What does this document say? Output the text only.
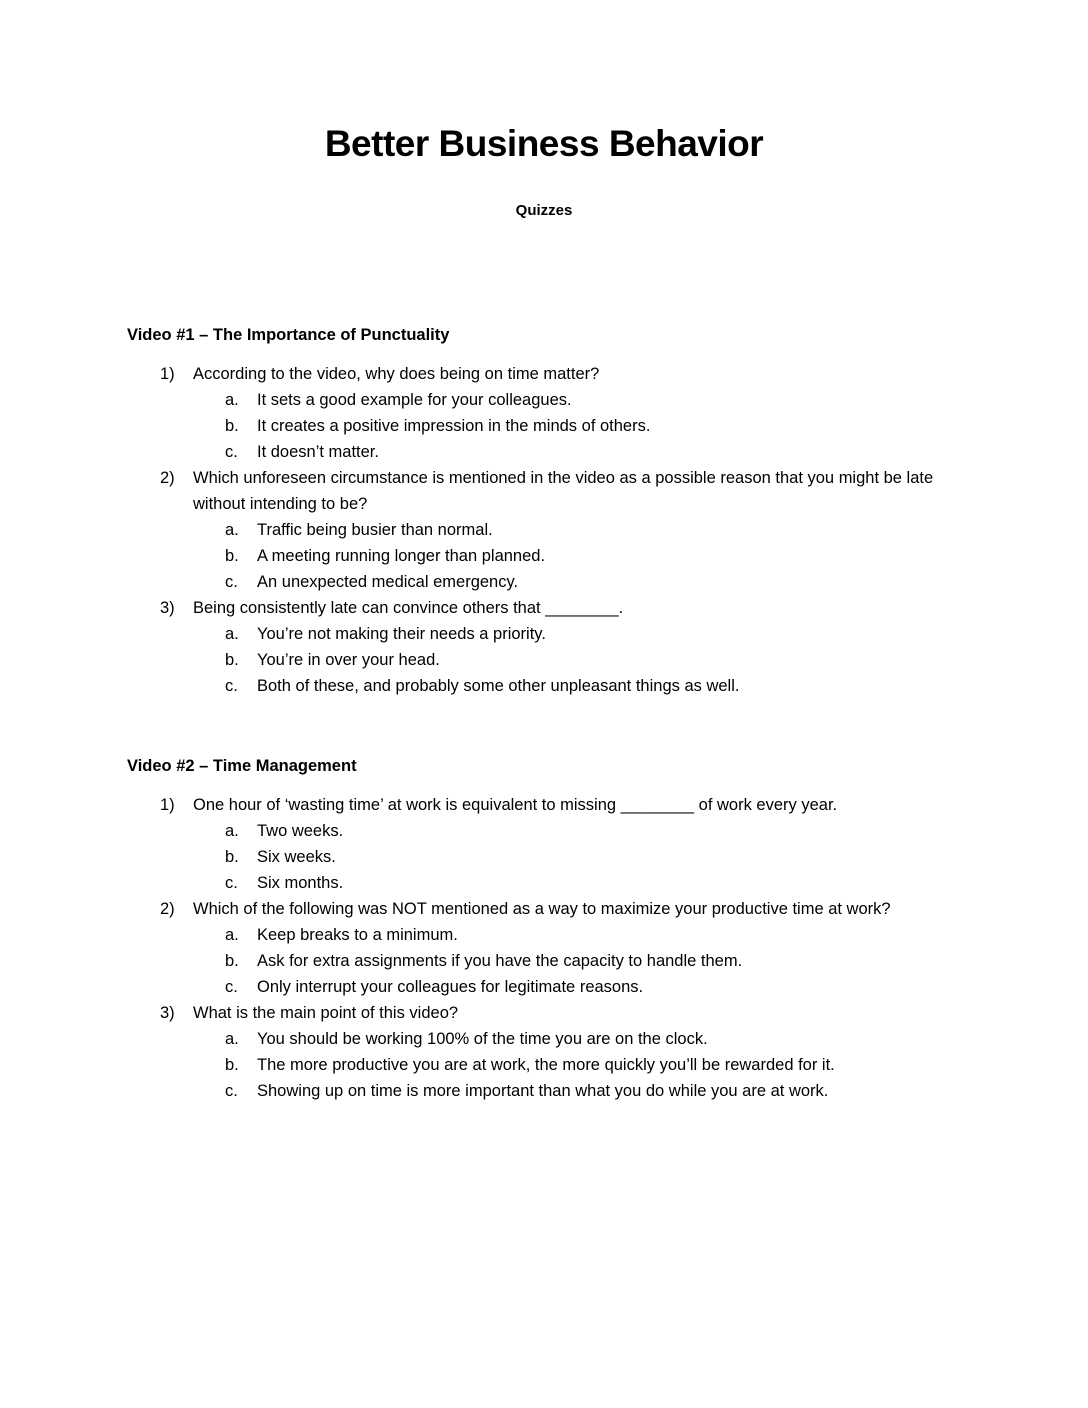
Better Business Behavior
Quizzes
Video #1 – The Importance of Punctuality
1) According to the video, why does being on time matter?
a. It sets a good example for your colleagues.
b. It creates a positive impression in the minds of others.
c. It doesn’t matter.
2) Which unforeseen circumstance is mentioned in the video as a possible reason that you might be late without intending to be?
a. Traffic being busier than normal.
b. A meeting running longer than planned.
c. An unexpected medical emergency.
3) Being consistently late can convince others that ________.
a. You’re not making their needs a priority.
b. You’re in over your head.
c. Both of these, and probably some other unpleasant things as well.
Video #2 – Time Management
1) One hour of ‘wasting time’ at work is equivalent to missing ________ of work every year.
a. Two weeks.
b. Six weeks.
c. Six months.
2) Which of the following was NOT mentioned as a way to maximize your productive time at work?
a. Keep breaks to a minimum.
b. Ask for extra assignments if you have the capacity to handle them.
c. Only interrupt your colleagues for legitimate reasons.
3) What is the main point of this video?
a. You should be working 100% of the time you are on the clock.
b. The more productive you are at work, the more quickly you’ll be rewarded for it.
c. Showing up on time is more important than what you do while you are at work.
